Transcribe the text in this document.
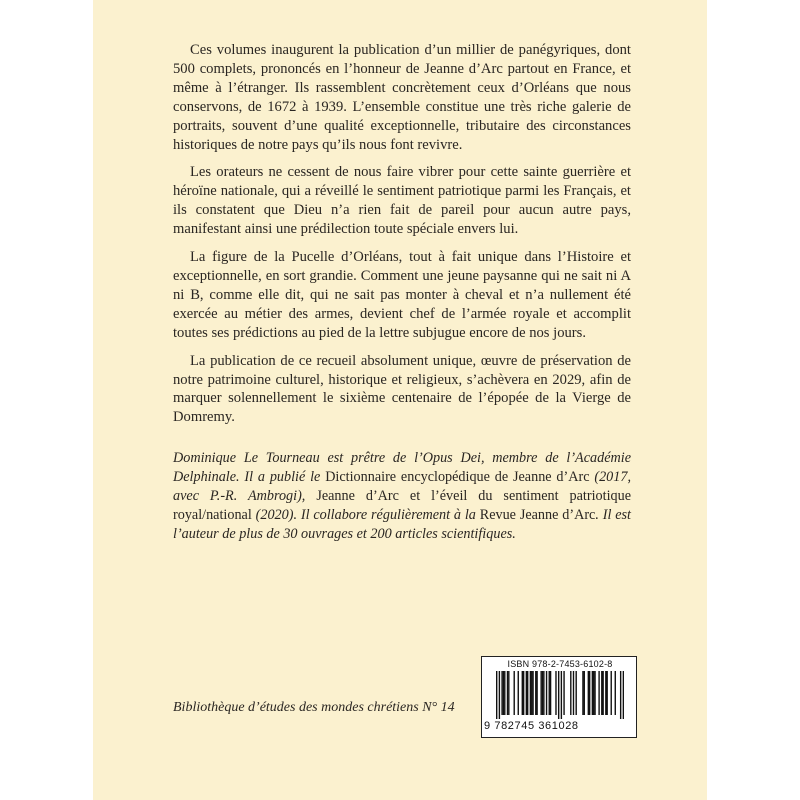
Ces volumes inaugurent la publication d’un millier de panégyriques, dont 500 complets, prononcés en l’honneur de Jeanne d’Arc partout en France, et même à l’étranger. Ils rassemblent concrètement ceux d’Orléans que nous conservons, de 1672 à 1939. L’ensemble constitue une très riche galerie de portraits, souvent d’une qualité exceptionnelle, tributaire des circonstances historiques de notre pays qu’ils nous font revivre.

Les orateurs ne cessent de nous faire vibrer pour cette sainte guerrière et héroïne nationale, qui a réveillé le sentiment patriotique parmi les Français, et ils constatent que Dieu n’a rien fait de pareil pour aucun autre pays, manifestant ainsi une prédilection toute spéciale envers lui.

La figure de la Pucelle d’Orléans, tout à fait unique dans l’Histoire et exceptionnelle, en sort grandie. Comment une jeune paysanne qui ne sait ni A ni B, comme elle dit, qui ne sait pas monter à cheval et n’a nullement été exercée au métier des armes, devient chef de l’armée royale et accomplit toutes ses prédictions au pied de la lettre subjugue encore de nos jours.

La publication de ce recueil absolument unique, œuvre de préservation de notre patrimoine culturel, historique et religieux, s’achèvera en 2029, afin de marquer solennellement le sixième centenaire de l’épopée de la Vierge de Domremy.

Dominique Le Tourneau est prêtre de l’Opus Dei, membre de l’Académie Delphinale. Il a publié le Dictionnaire encyclopédique de Jeanne d’Arc (2017, avec P.-R. Ambrogi), Jeanne d’Arc et l’éveil du sentiment patriotique royal/national (2020). Il collabore régulièrement à la Revue Jeanne d’Arc. Il est l’auteur de plus de 30 ouvrages et 200 articles scientifiques.

Bibliothèque d’études des mondes chrétiens N° 14
ISBN 978-2-7453-6102-8
9 782745 361028
